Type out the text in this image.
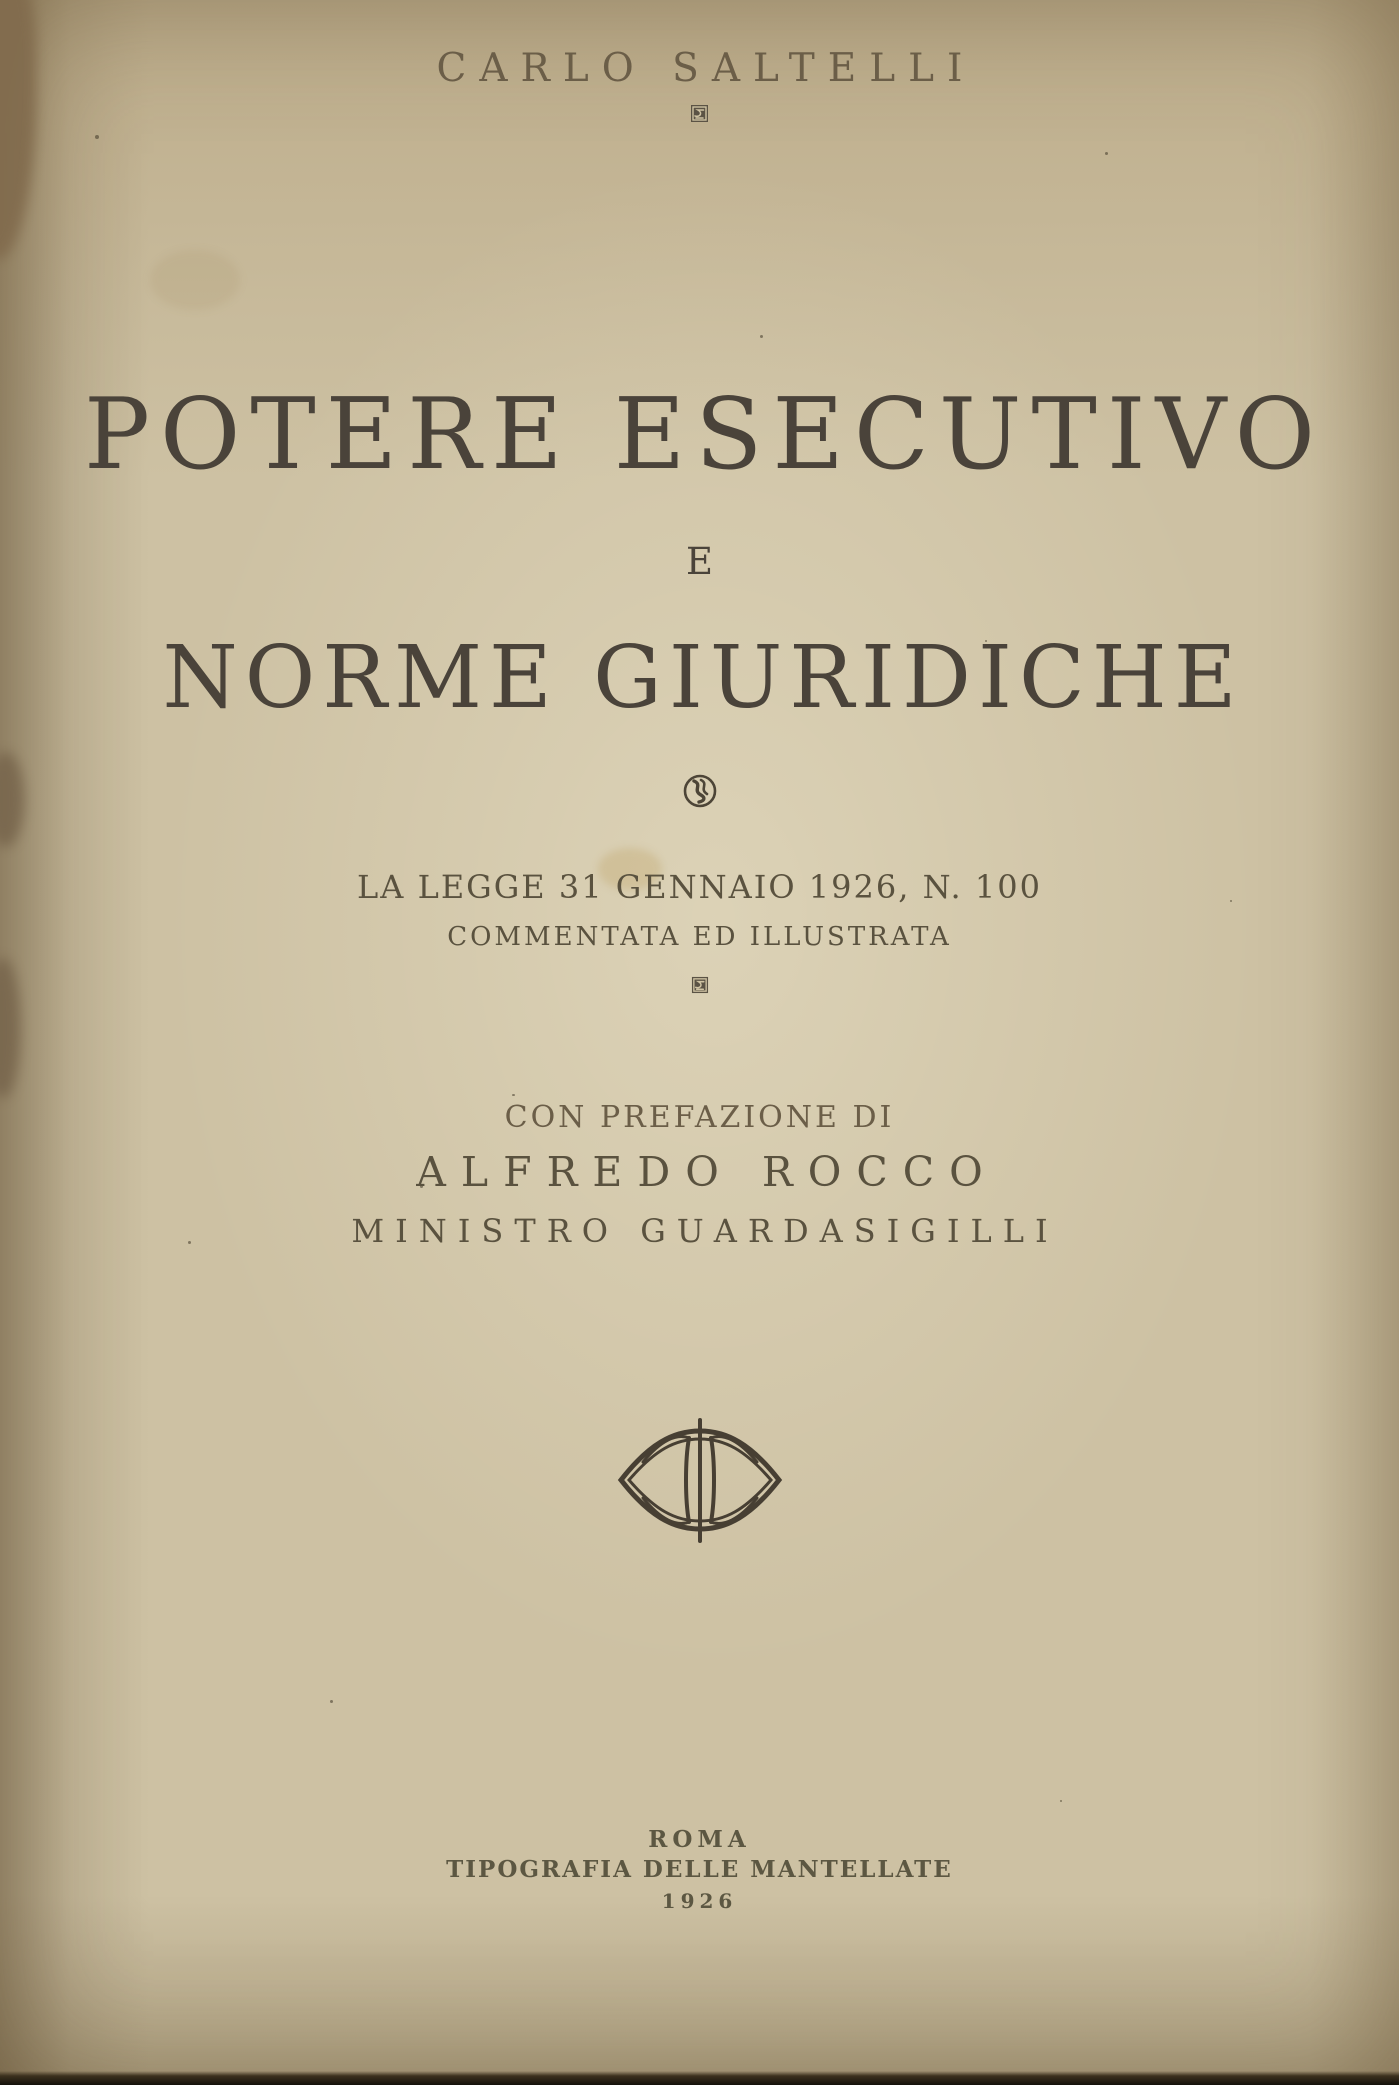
CARLO SALTELLI
POTERE ESECUTIVO
E
NORME GIURIDICHE
LA LEGGE 31 GENNAIO 1926, N. 100
COMMENTATA ED ILLUSTRATA
CON PREFAZIONE DI
ALFREDO ROCCO
MINISTRO GUARDASIGILLI
ROMA
TIPOGRAFIA DELLE MANTELLATE
1926
